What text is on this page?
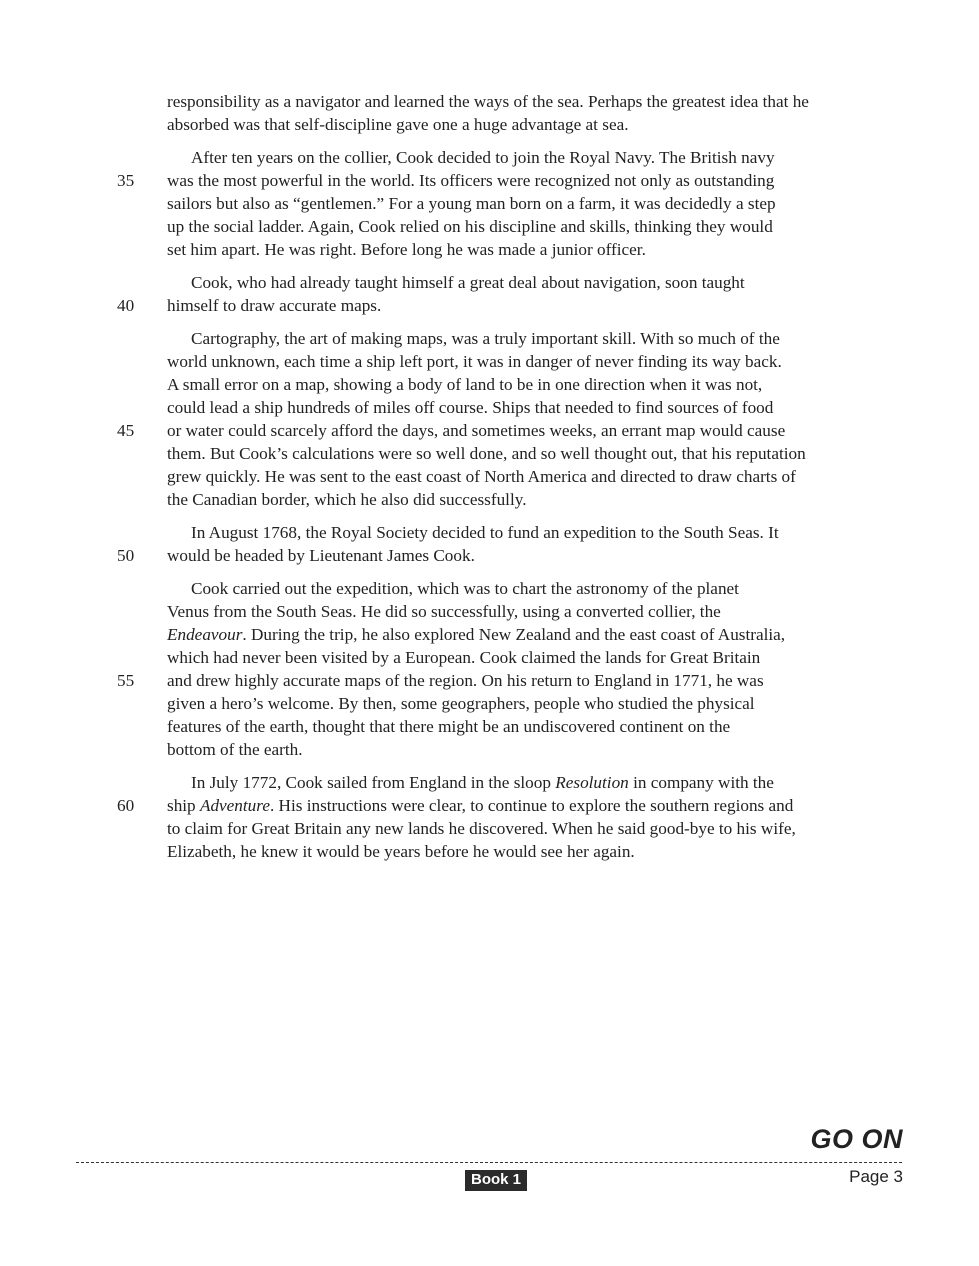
responsibility as a navigator and learned the ways of the sea. Perhaps the greatest idea that he
absorbed was that self-discipline gave one a huge advantage at sea.
After ten years on the collier, Cook decided to join the Royal Navy. The British navy
35 was the most powerful in the world. Its officers were recognized not only as outstanding
sailors but also as “gentlemen.” For a young man born on a farm, it was decidedly a step
up the social ladder. Again, Cook relied on his discipline and skills, thinking they would
set him apart. He was right. Before long he was made a junior officer.
Cook, who had already taught himself a great deal about navigation, soon taught
40 himself to draw accurate maps.
Cartography, the art of making maps, was a truly important skill. With so much of the
world unknown, each time a ship left port, it was in danger of never finding its way back.
A small error on a map, showing a body of land to be in one direction when it was not,
could lead a ship hundreds of miles off course. Ships that needed to find sources of food
45 or water could scarcely afford the days, and sometimes weeks, an errant map would cause
them. But Cook’s calculations were so well done, and so well thought out, that his reputation
grew quickly. He was sent to the east coast of North America and directed to draw charts of
the Canadian border, which he also did successfully.
In August 1768, the Royal Society decided to fund an expedition to the South Seas. It
50 would be headed by Lieutenant James Cook.
Cook carried out the expedition, which was to chart the astronomy of the planet
Venus from the South Seas. He did so successfully, using a converted collier, the
Endeavour. During the trip, he also explored New Zealand and the east coast of Australia,
which had never been visited by a European. Cook claimed the lands for Great Britain
55 and drew highly accurate maps of the region. On his return to England in 1771, he was
given a hero’s welcome. By then, some geographers, people who studied the physical
features of the earth, thought that there might be an undiscovered continent on the
bottom of the earth.
In July 1772, Cook sailed from England in the sloop Resolution in company with the
60 ship Adventure. His instructions were clear, to continue to explore the southern regions and
to claim for Great Britain any new lands he discovered. When he said good-bye to his wife,
Elizabeth, he knew it would be years before he would see her again.
GO ON
Book 1	Page 3
